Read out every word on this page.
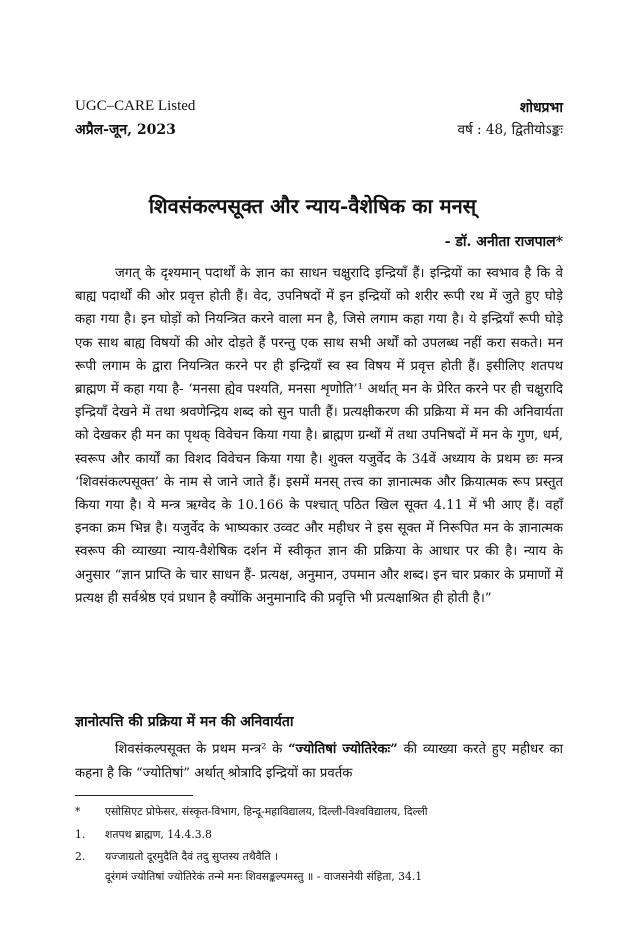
UGC–CARE Listed
अप्रैल-जून, 2023
शोधप्रभा
वर्ष : 48, द्वितीयोऽङ्कः
शिवसंकल्पसूक्त और न्याय-वैशेषिक का मनस्
- डॉ. अनीता राजपाल*

जगत् के दृश्यमान् पदार्थों के ज्ञान का साधन चक्षुरादि इन्द्रियाँ हैं। इन्द्रियों का स्वभाव है कि वे बाह्य पदार्थों की ओर प्रवृत्त होती हैं। वेद, उपनिषदों में इन इन्द्रियों को शरीर रूपी रथ में जुते हुए घोड़े कहा गया है। इन घोड़ों को नियन्त्रित करने वाला मन है, जिसे लगाम कहा गया है। ये इन्द्रियाँ रूपी घोड़े एक साथ बाह्य विषयों की ओर दोड़ते हैं परन्तु एक साथ सभी अर्थों को उपलब्ध नहीं करा सकते। मन रूपी लगाम के द्वारा नियन्त्रित करने पर ही इन्द्रियाँ स्व स्व विषय में प्रवृत्त होती हैं। इसीलिए शतपथ ब्राह्मण में कहा गया है- ‘मनसा ह्येव पश्यति, मनसा शृणोति’¹ अर्थात् मन के प्रेरित करने पर ही चक्षुरादि इन्द्रियाँ देखने में तथा श्रवणेन्द्रिय शब्द को सुन पाती हैं। प्रत्यक्षीकरण की प्रक्रिया में मन की अनिवार्यता को देखकर ही मन का पृथक् विवेचन किया गया है। ब्राह्मण ग्रन्थों में तथा उपनिषदों में मन के गुण, धर्म, स्वरूप और कार्यों का विशद विवेचन किया गया है। शुक्ल यजुर्वेद के 34वें अध्याय के प्रथम छः मन्त्र ‘शिवसंकल्पसूक्त’ के नाम से जाने जाते हैं। इसमें मनस् तत्त्व का ज्ञानात्मक और क्रियात्मक रूप प्रस्तुत किया गया है। ये मन्त्र ऋग्वेद के 10.166 के पश्चात् पठित खिल सूक्त 4.11 में भी आए हैं। वहाँ इनका क्रम भिन्न है। यजुर्वेद के भाष्यकार उव्वट और महीधर ने इस सूक्त में निरूपित मन के ज्ञानात्मक स्वरूप की व्याख्या न्याय-वैशेषिक दर्शन में स्वीकृत ज्ञान की प्रक्रिया के आधार पर की है। न्याय के अनुसार “ज्ञान प्राप्ति के चार साधन हैं- प्रत्यक्ष, अनुमान, उपमान और शब्द। इन चार प्रकार के प्रमाणों में प्रत्यक्ष ही सर्वश्रेष्ठ एवं प्रधान है क्योंकि अनुमानादि की प्रवृत्ति भी प्रत्यक्षाश्रित ही होती है।”

ज्ञानोत्पत्ति की प्रक्रिया में मन की अनिवार्यता

शिवसंकल्पसूक्त के प्रथम मन्त्र² के “ज्योतिषां ज्योतिरेकः” की व्याख्या करते हुए महीधर का कहना है कि “ज्योतिषां” अर्थात् श्रोत्रादि इन्द्रियों का प्रवर्तक

* एसोसिएट प्रोफेसर, संस्कृत-विभाग, हिन्दू-महाविद्यालय, दिल्ली-विश्वविद्यालय, दिल्ली
1. शतपथ ब्राह्मण, 14.4.3.8
2. यज्जाग्रतो दूरमुदैति दैवं तदु सुप्तस्य तथैवैति ।
दूरंगमं ज्योतिषां ज्योतिरेकं तन्मे मनः शिवसङ्कल्पमस्तु ॥ - वाजसनेयी संहिता, 34.1
